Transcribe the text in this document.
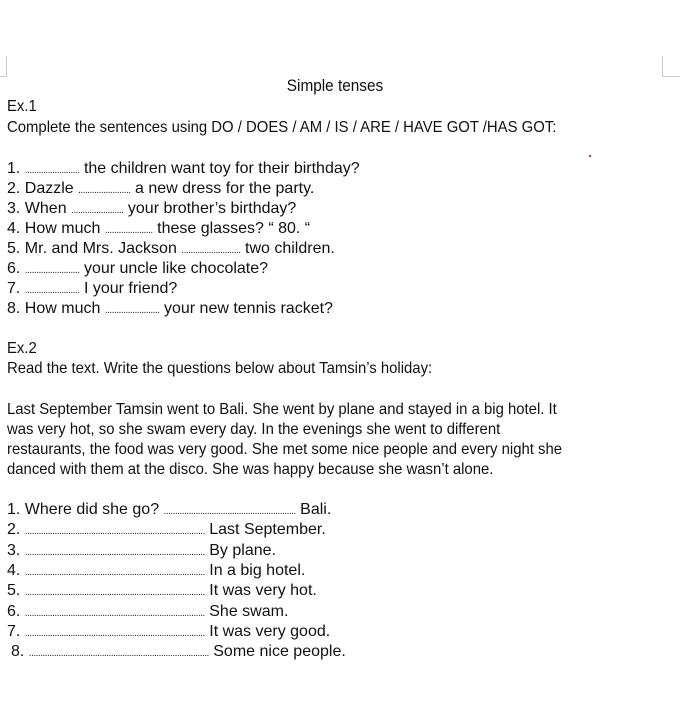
Simple tenses
Ex.1
Complete the sentences using DO / DOES / AM / IS / ARE / HAVE GOT /HAS GOT:
1. ........................ the children want toy for their birthday?
2. Dazzle ....................... a new dress for the party.
3. When ....................... your brother’s birthday?
4. How much ..................... these glasses? “ 80. “
5. Mr. and Mrs. Jackson .......................... two children.
6. ........................ your uncle like chocolate?
7. ........................ I your friend?
8. How much ........................ your new tennis racket?
Ex.2
Read the text. Write the questions below about Tamsin’s holiday:
Last September Tamsin went to Bali. She went by plane and stayed in a big hotel. It
was very hot, so she swam every day. In the evenings she went to different
restaurants, the food was very good. She met some nice people and every night she
danced with them at the disco. She was happy because she wasn’t alone.
1. Where did she go? .......................................................... Bali.
2. ............................................................................... Last September.
3. ............................................................................... By plane.
4. ............................................................................... In a big hotel.
5. ............................................................................... It was very hot.
6. ............................................................................... She swam.
7. ............................................................................... It was very good.
8. ............................................................................... Some nice people.
